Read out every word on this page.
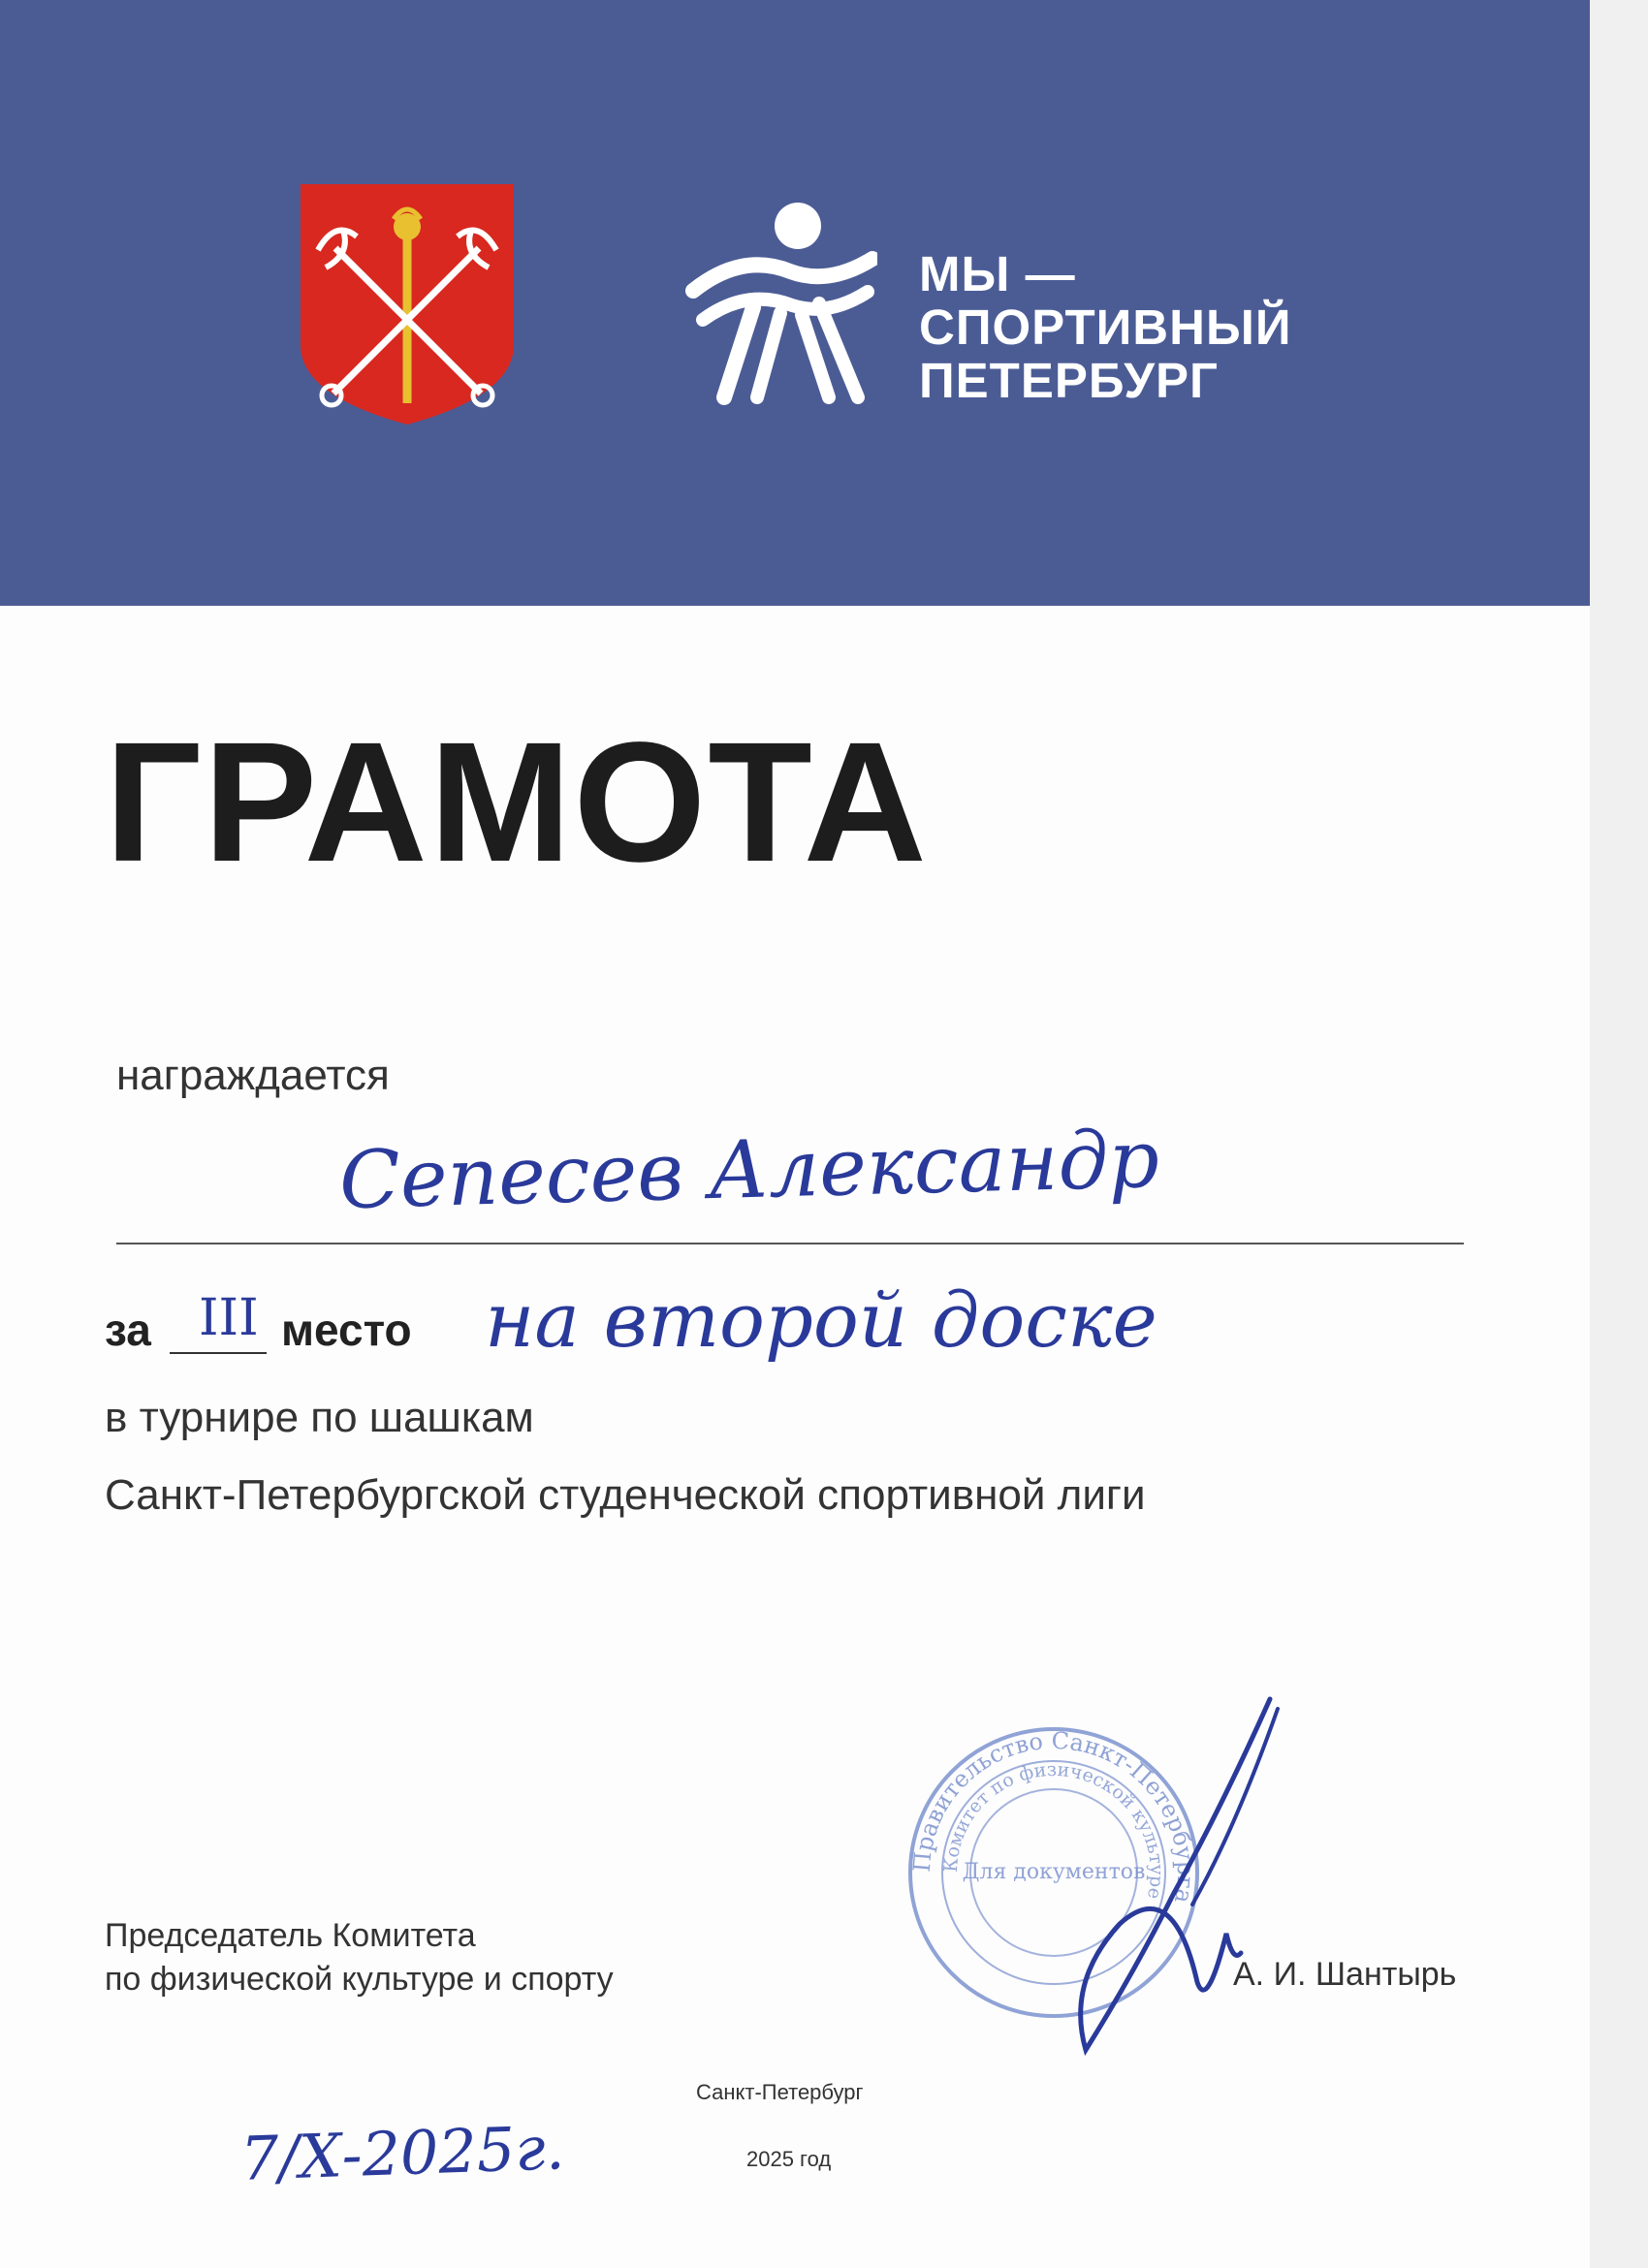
МЫ —
СПОРТИВНЫЙ
ПЕТЕРБУРГ
ГРАМОТА
награждается
Сепесев Александр
за III место на второй доске
в турнире по шашкам
Санкт-Петербургской студенческой спортивной лиги
Председатель Комитета
по физической культуре и спорту
Правительство Санкт-Петербурга
Комитет по физической культуре
Для документов
А. И. Шантырь
Санкт-Петербург
2025 год
7/Х-2025г.
